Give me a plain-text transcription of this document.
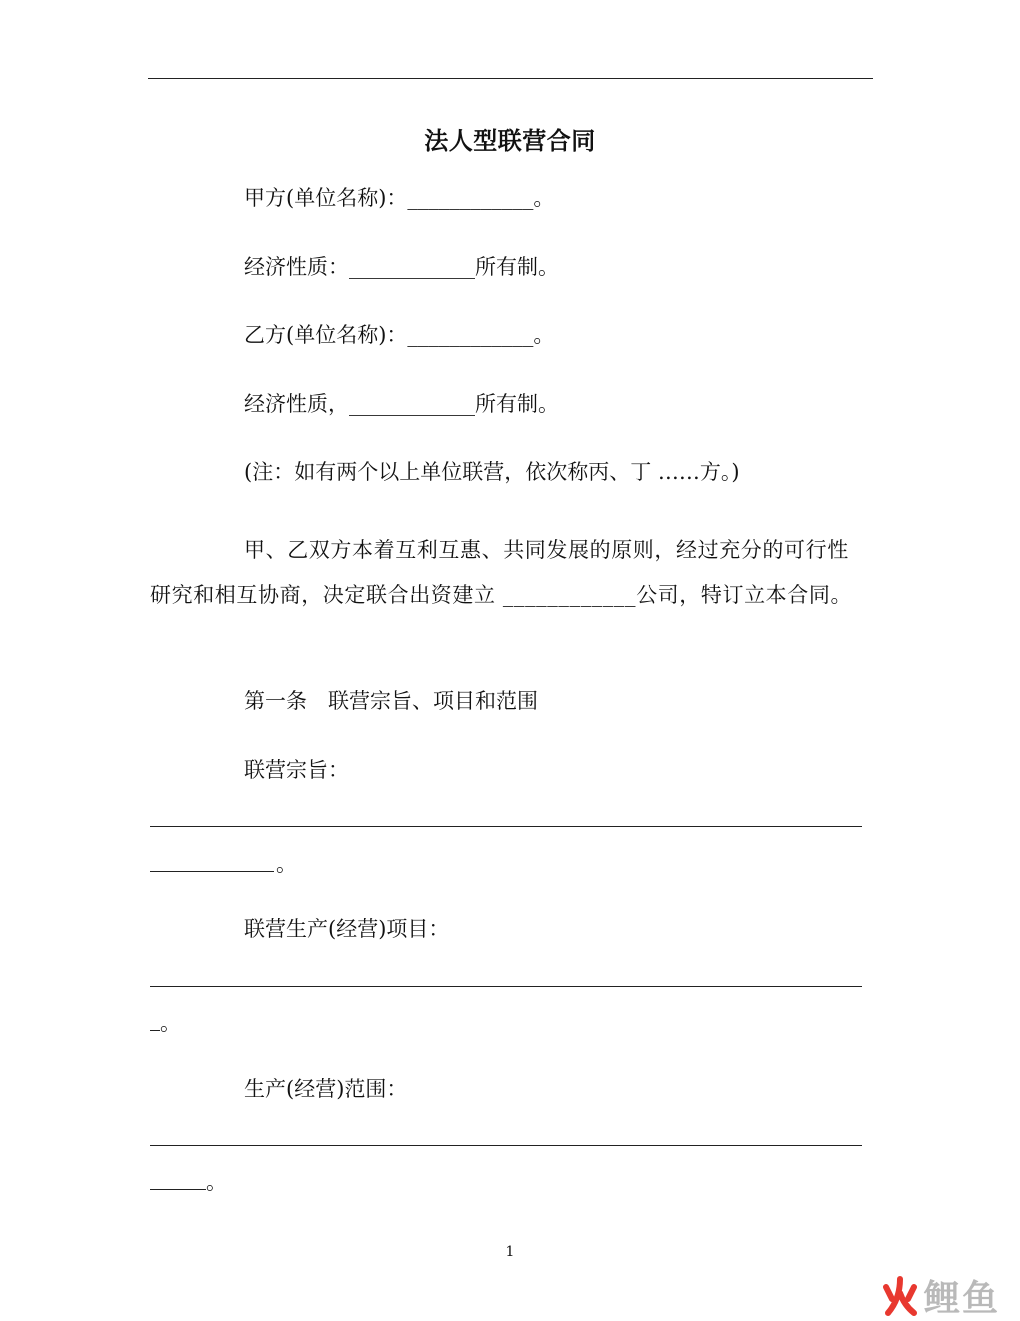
法人型联营合同
甲方(单位名称)：____________。
经济性质：____________所有制。
乙方(单位名称)：____________。
经济性质，____________所有制。
(注：如有两个以上单位联营，依次称丙、丁 ……方。)
甲、乙双方本着互利互惠、共同发展的原则，经过充分的可行性研究和相互协商，决定联合出资建立 ____________公司，特订立本合同。
第一条　联营宗旨、项目和范围
联营宗旨：
。
联营生产(经营)项目：
。
生产(经营)范围：
。
1
鲤鱼
